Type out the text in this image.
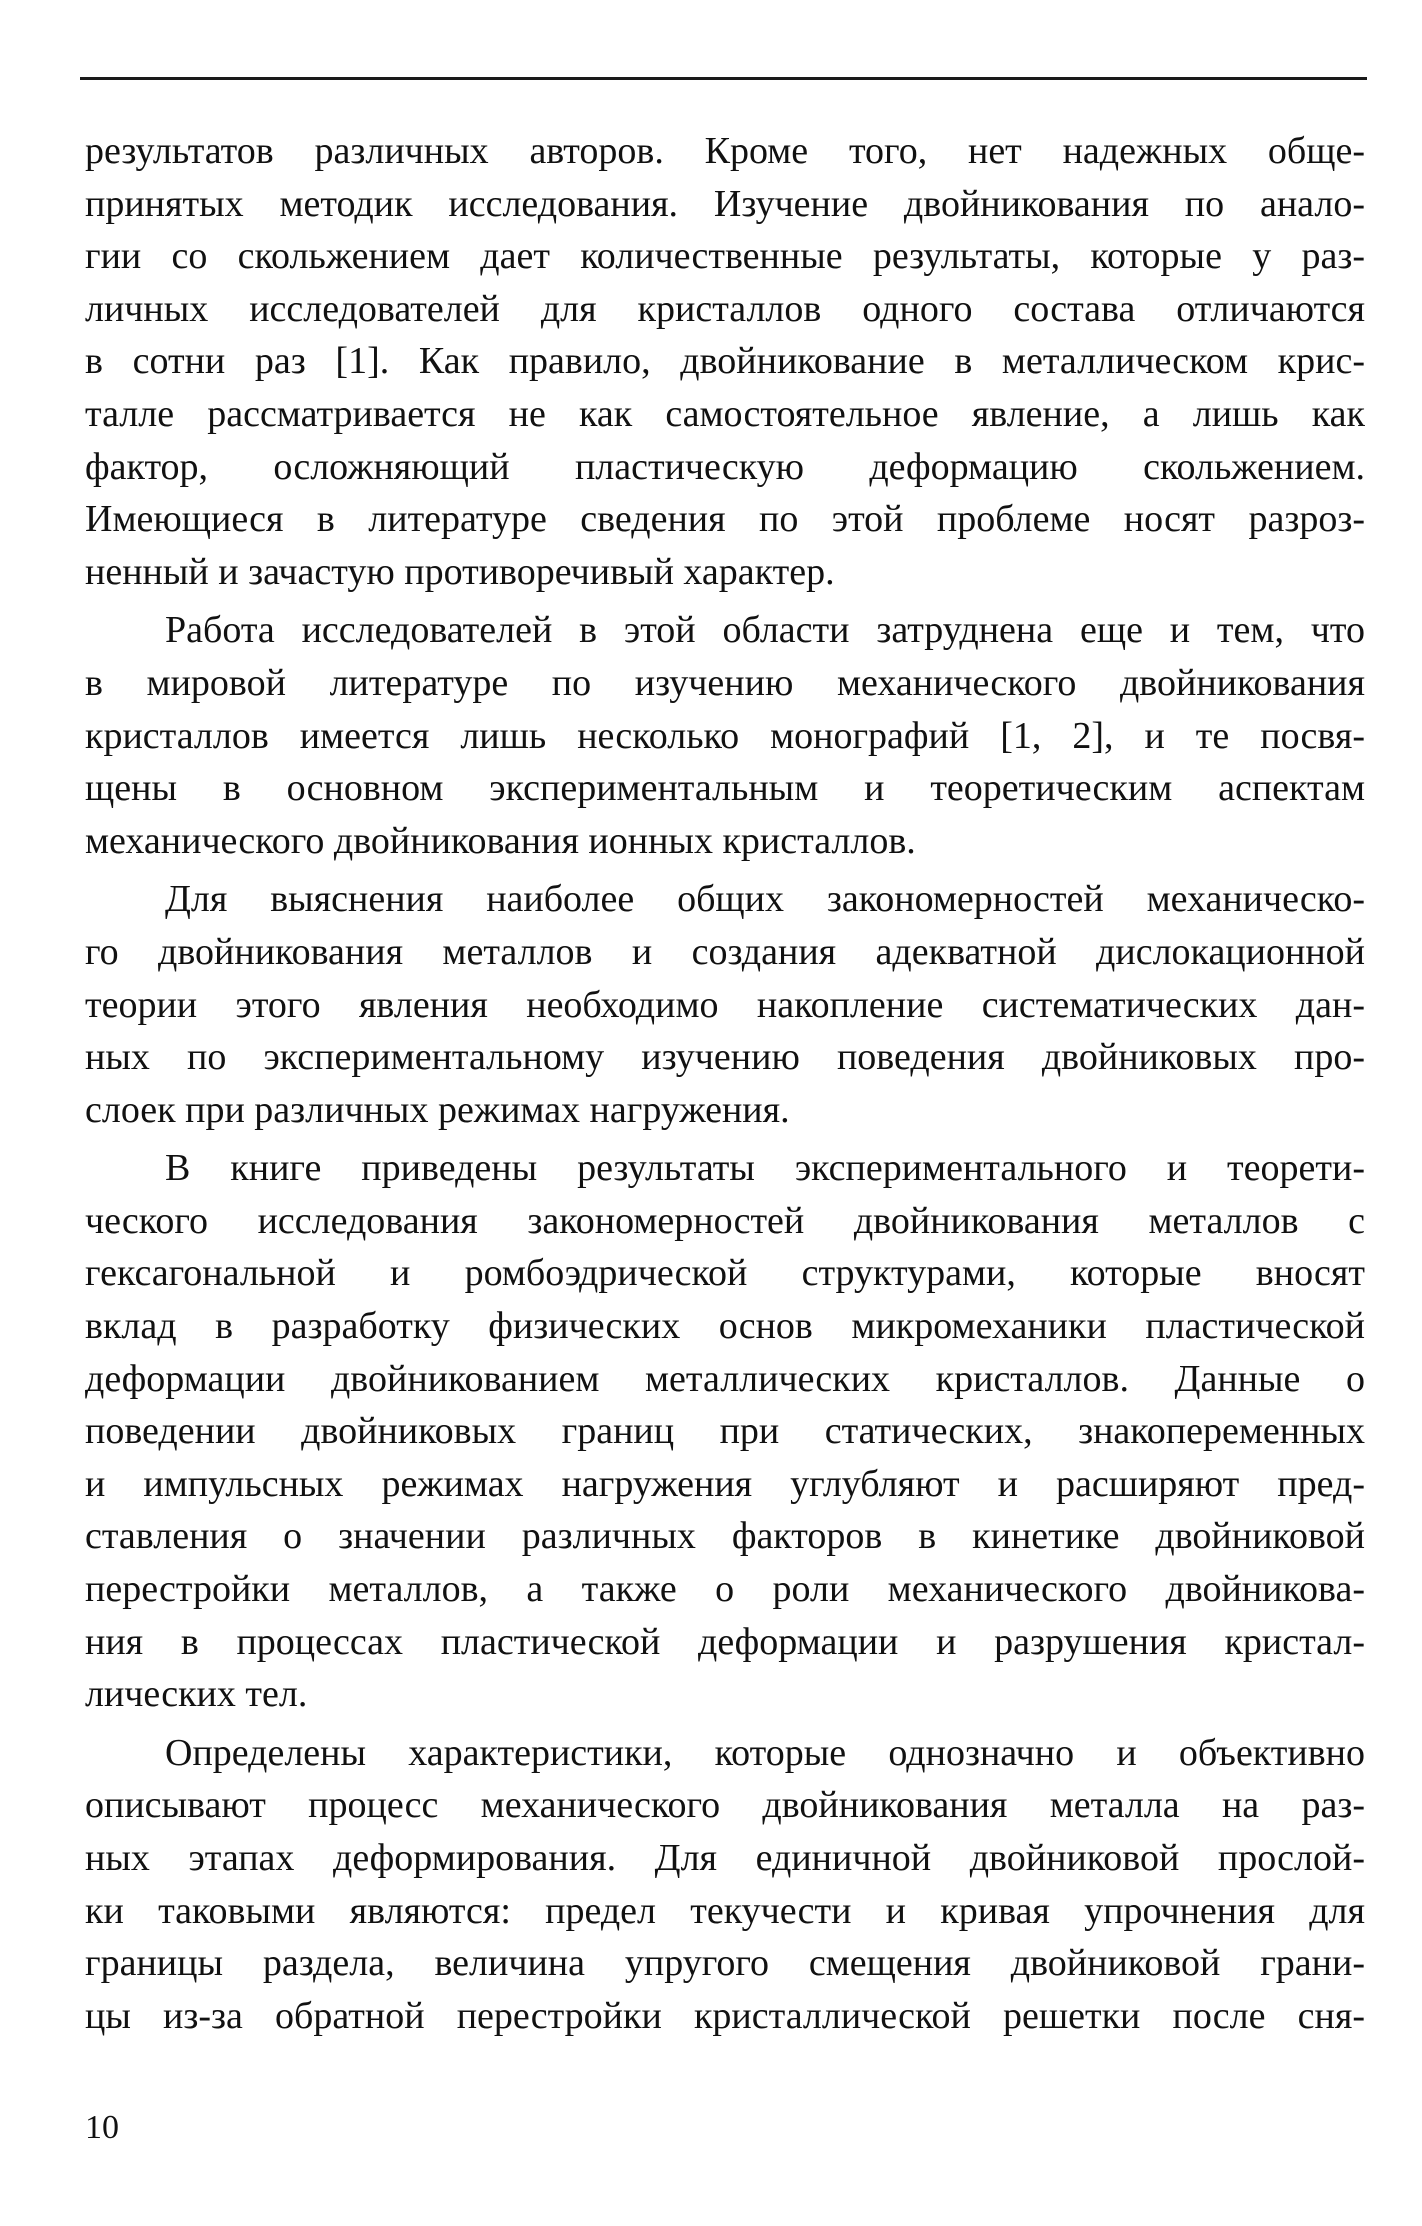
результатов различных авторов. Кроме того, нет надежных обще-
принятых методик исследования. Изучение двойникования по анало-
гии со скольжением дает количественные результаты, которые у раз-
личных исследователей для кристаллов одного состава отличаются
в сотни раз [1]. Как правило, двойникование в металлическом крис-
талле рассматривается не как самостоятельное явление, а лишь как
фактор, осложняющий пластическую деформацию скольжением.
Имеющиеся в литературе сведения по этой проблеме носят разроз-
ненный и зачастую противоречивый характер.
Работа исследователей в этой области затруднена еще и тем, что
в мировой литературе по изучению механического двойникования
кристаллов имеется лишь несколько монографий [1, 2], и те посвя-
щены в основном экспериментальным и теоретическим аспектам
механического двойникования ионных кристаллов.
Для выяснения наиболее общих закономерностей механическо-
го двойникования металлов и создания адекватной дислокационной
теории этого явления необходимо накопление систематических дан-
ных по экспериментальному изучению поведения двойниковых про-
слоек при различных режимах нагружения.
В книге приведены результаты экспериментального и теорети-
ческого исследования закономерностей двойникования металлов с
гексагональной и ромбоэдрической структурами, которые вносят
вклад в разработку физических основ микромеханики пластической
деформации двойникованием металлических кристаллов. Данные о
поведении двойниковых границ при статических, знакопеременных
и импульсных режимах нагружения углубляют и расширяют пред-
ставления о значении различных факторов в кинетике двойниковой
перестройки металлов, а также о роли механического двойникова-
ния в процессах пластической деформации и разрушения кристал-
лических тел.
Определены характеристики, которые однозначно и объективно
описывают процесс механического двойникования металла на раз-
ных этапах деформирования. Для единичной двойниковой прослой-
ки таковыми являются: предел текучести и кривая упрочнения для
границы раздела, величина упругого смещения двойниковой грани-
цы из-за обратной перестройки кристаллической решетки после сня-
10
